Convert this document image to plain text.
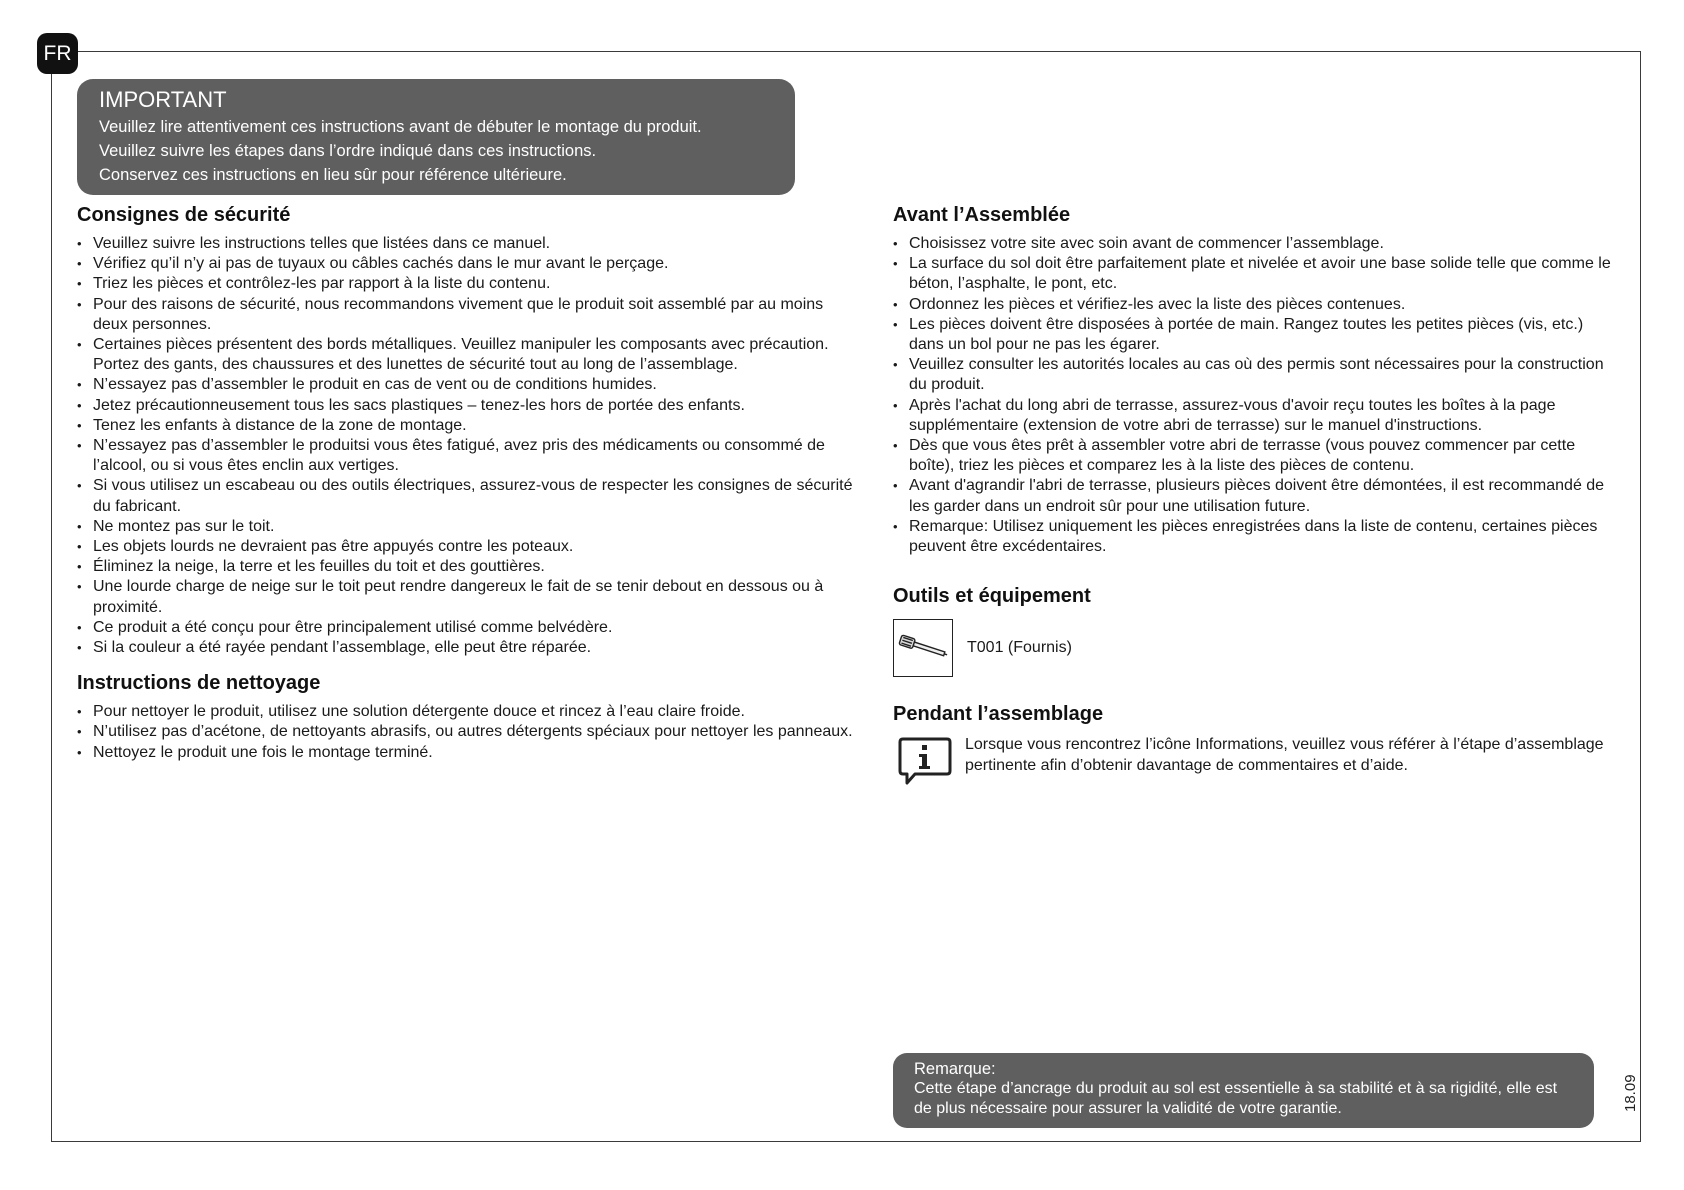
FR
IMPORTANT
Veuillez lire attentivement ces instructions avant de débuter le montage du produit.
Veuillez suivre les étapes dans l’ordre indiqué dans ces instructions.
Conservez ces instructions en lieu sûr pour référence ultérieure.
Consignes de sécurité
• Veuillez suivre les instructions telles que listées dans ce manuel.
• Vérifiez qu’il n’y ai pas de tuyaux ou câbles cachés dans le mur avant le perçage.
• Triez les pièces et contrôlez-les par rapport à la liste du contenu.
• Pour des raisons de sécurité, nous recommandons vivement que le produit soit assemblé par au moins deux personnes.
• Certaines pièces présentent des bords métalliques. Veuillez manipuler les composants avec précaution. Portez des gants, des chaussures et des lunettes de sécurité tout au long de l’assemblage.
• N’essayez pas d’assembler le produit en cas de vent ou de conditions humides.
• Jetez précautionneusement tous les sacs plastiques – tenez-les hors de portée des enfants.
• Tenez les enfants à distance de la zone de montage.
• N’essayez pas d’assembler le produitsi vous êtes fatigué, avez pris des médicaments ou consommé de l’alcool, ou si vous êtes enclin aux vertiges.
• Si vous utilisez un escabeau ou des outils électriques, assurez-vous de respecter les consignes de sécurité du fabricant.
• Ne montez pas sur le toit.
• Les objets lourds ne devraient pas être appuyés contre les poteaux.
• Éliminez la neige, la terre et les feuilles du toit et des gouttières.
• Une lourde charge de neige sur le toit peut rendre dangereux le fait de se tenir debout en dessous ou à proximité.
• Ce produit a été conçu pour être principalement utilisé comme belvédère.
• Si la couleur a été rayée pendant l’assemblage, elle peut être réparée.
Instructions de nettoyage
• Pour nettoyer le produit, utilisez une solution détergente douce et rincez à l’eau claire froide.
• N’utilisez pas d’acétone, de nettoyants abrasifs, ou autres détergents spéciaux pour nettoyer les panneaux.
• Nettoyez le produit une fois le montage terminé.
Avant l’Assemblée
• Choisissez votre site avec soin avant de commencer l’assemblage.
• La surface du sol doit être parfaitement plate et nivelée et avoir une base solide telle que comme le béton, l’asphalte, le pont, etc.
• Ordonnez les pièces et vérifiez-les avec la liste des pièces contenues.
• Les pièces doivent être disposées à portée de main. Rangez toutes les petites pièces (vis, etc.) dans un bol pour ne pas les égarer.
• Veuillez consulter les autorités locales au cas où des permis sont nécessaires pour la construction du produit.
• Après l'achat du long abri de terrasse, assurez-vous d'avoir reçu toutes les boîtes à la page supplémentaire (extension de votre abri de terrasse) sur le manuel d'instructions.
• Dès que vous êtes prêt à assembler votre abri de terrasse (vous pouvez commencer par cette boîte), triez les pièces et comparez les à la liste des pièces de contenu.
• Avant d'agrandir l'abri de terrasse, plusieurs pièces doivent être démontées, il est recommandé de les garder dans un endroit sûr pour une utilisation future.
• Remarque: Utilisez uniquement les pièces enregistrées dans la liste de contenu, certaines pièces peuvent être excédentaires.
Outils et équipement
T001 (Fournis)
Pendant l’assemblage
Lorsque vous rencontrez l’icône Informations, veuillez vous référer à l’étape d’assemblage pertinente afin d’obtenir davantage de commentaires et d’aide.
Remarque:
Cette étape d’ancrage du produit au sol est essentielle à sa stabilité et à sa rigidité, elle est de plus nécessaire pour assurer la validité de votre garantie.	18.09
